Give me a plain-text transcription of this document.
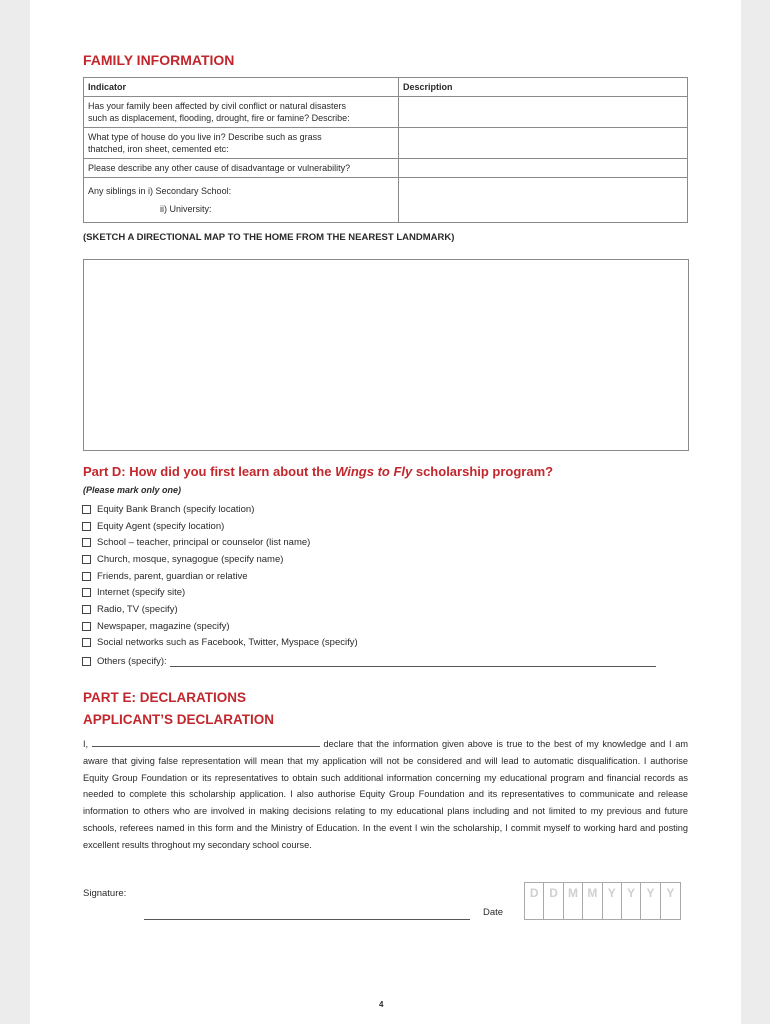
FAMILY INFORMATION
Indicator	Description

Has your family been affected by civil conflict or natural disasters
such as displacement, flooding, drought, fire or famine? Describe:	

What type of house do you live in? Describe such as grass
thatched, iron sheet, cemented etc:	

Please describe any other cause of disadvantage or vulnerability?	

Any siblings in i) Secondary School:
ii) University:	

(SKETCH A DIRECTIONAL MAP TO THE HOME FROM THE NEAREST LANDMARK)
Part D: How did you first learn about the Wings to Fly scholarship program?
(Please mark only one)
Equity Bank Branch (specify location)
Equity Agent (specify location)
School – teacher, principal or counselor (list name)
Church, mosque, synagogue (specify name)
Friends, parent, guardian or relative
Internet (specify site)
Radio, TV (specify)
Newspaper, magazine (specify)
Social networks such as Facebook, Twitter, Myspace (specify)
Others (specify):
PART E: DECLARATIONS
APPLICANT’S DECLARATION

I,	declare that the information given above is true to the best of my knowledge and I am aware that giving false representation will mean that my application will not be considered and will lead to automatic disqualification. I authorise Equity Group Foundation or its representatives to obtain such additional information concerning my educational program and financial records as needed to complete this scholarship application. I also authorise Equity Group Foundation and its representatives to communicate and release information to others who are involved in making decisions relating to my educational plans including and not limited to my previous and future schools, referees named in this form and the Ministry of Education. In the event I win the scholarship, I commit myself to working hard and posting excellent results throghout my secondary school course.

Signature:
Date
D D M M Y Y Y Y
4
